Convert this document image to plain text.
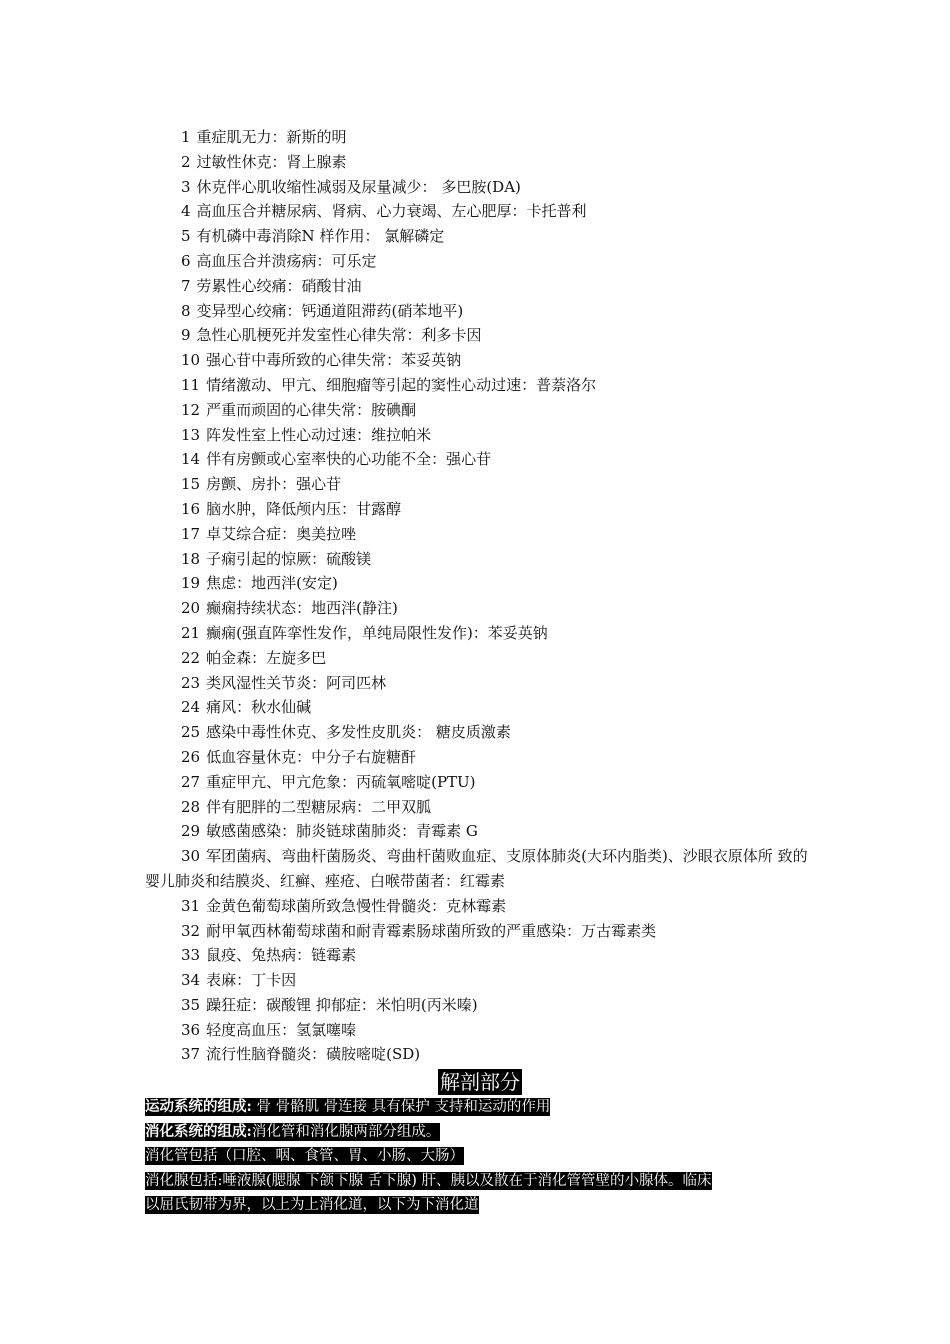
1 重症肌无力：新斯的明
2 过敏性休克：肾上腺素
3 休克伴心肌收缩性减弱及尿量减少： 多巴胺(DA)
4 高血压合并糖尿病、肾病、心力衰竭、左心肥厚：卡托普利
5 有机磷中毒消除N 样作用： 氯解磷定
6 高血压合并溃疡病：可乐定
7 劳累性心绞痛：硝酸甘油
8 变异型心绞痛：钙通道阻滞药(硝苯地平)
9 急性心肌梗死并发室性心律失常：利多卡因
10 强心苷中毒所致的心律失常：苯妥英钠
11 情绪激动、甲亢、细胞瘤等引起的窦性心动过速：普萘洛尔
12 严重而顽固的心律失常：胺碘酮
13 阵发性室上性心动过速：维拉帕米
14 伴有房颤或心室率快的心功能不全：强心苷
15 房颤、房扑：强心苷
16 脑水肿，降低颅内压：甘露醇
17 卓艾综合症：奥美拉唑
18 子痫引起的惊厥：硫酸镁
19 焦虑：地西泮(安定)
20 癫痫持续状态：地西泮(静注)
21 癫痫(强直阵挛性发作，单纯局限性发作)：苯妥英钠
22 帕金森：左旋多巴
23 类风湿性关节炎：阿司匹林
24 痛风：秋水仙碱
25 感染中毒性休克、多发性皮肌炎： 糖皮质激素
26 低血容量休克：中分子右旋糖酐
27 重症甲亢、甲亢危象：丙硫氧嘧啶(PTU)
28 伴有肥胖的二型糖尿病：二甲双胍
29 敏感菌感染：肺炎链球菌肺炎：青霉素 G
30 军团菌病、弯曲杆菌肠炎、弯曲杆菌败血症、支原体肺炎(大环内脂类)、沙眼衣原体所 致的婴儿肺炎和结膜炎、红癣、痤疮、白喉带菌者：红霉素
31 金黄色葡萄球菌所致急慢性骨髓炎：克林霉素
32 耐甲氧西林葡萄球菌和耐青霉素肠球菌所致的严重感染：万古霉素类
33 鼠疫、兔热病：链霉素
34 表麻：丁卡因
35 躁狂症：碳酸锂 抑郁症：米怕明(丙米嗪)
36 轻度高血压：氢氯噻嗪
37 流行性脑脊髓炎：磺胺嘧啶(SD)
解剖部分
运动系统的组成: 骨 骨骼肌 骨连接 具有保护 支持和运动的作用
消化系统的组成:消化管和消化腺两部分组成。
消化管包括（口腔、咽、食管、胃、小肠、大肠）
消化腺包括:唾液腺(腮腺 下颌下腺 舌下腺) 肝、胰以及散在于消化管管壁的小腺体。临床
以屈氏韧带为界，以上为上消化道，以下为下消化道
